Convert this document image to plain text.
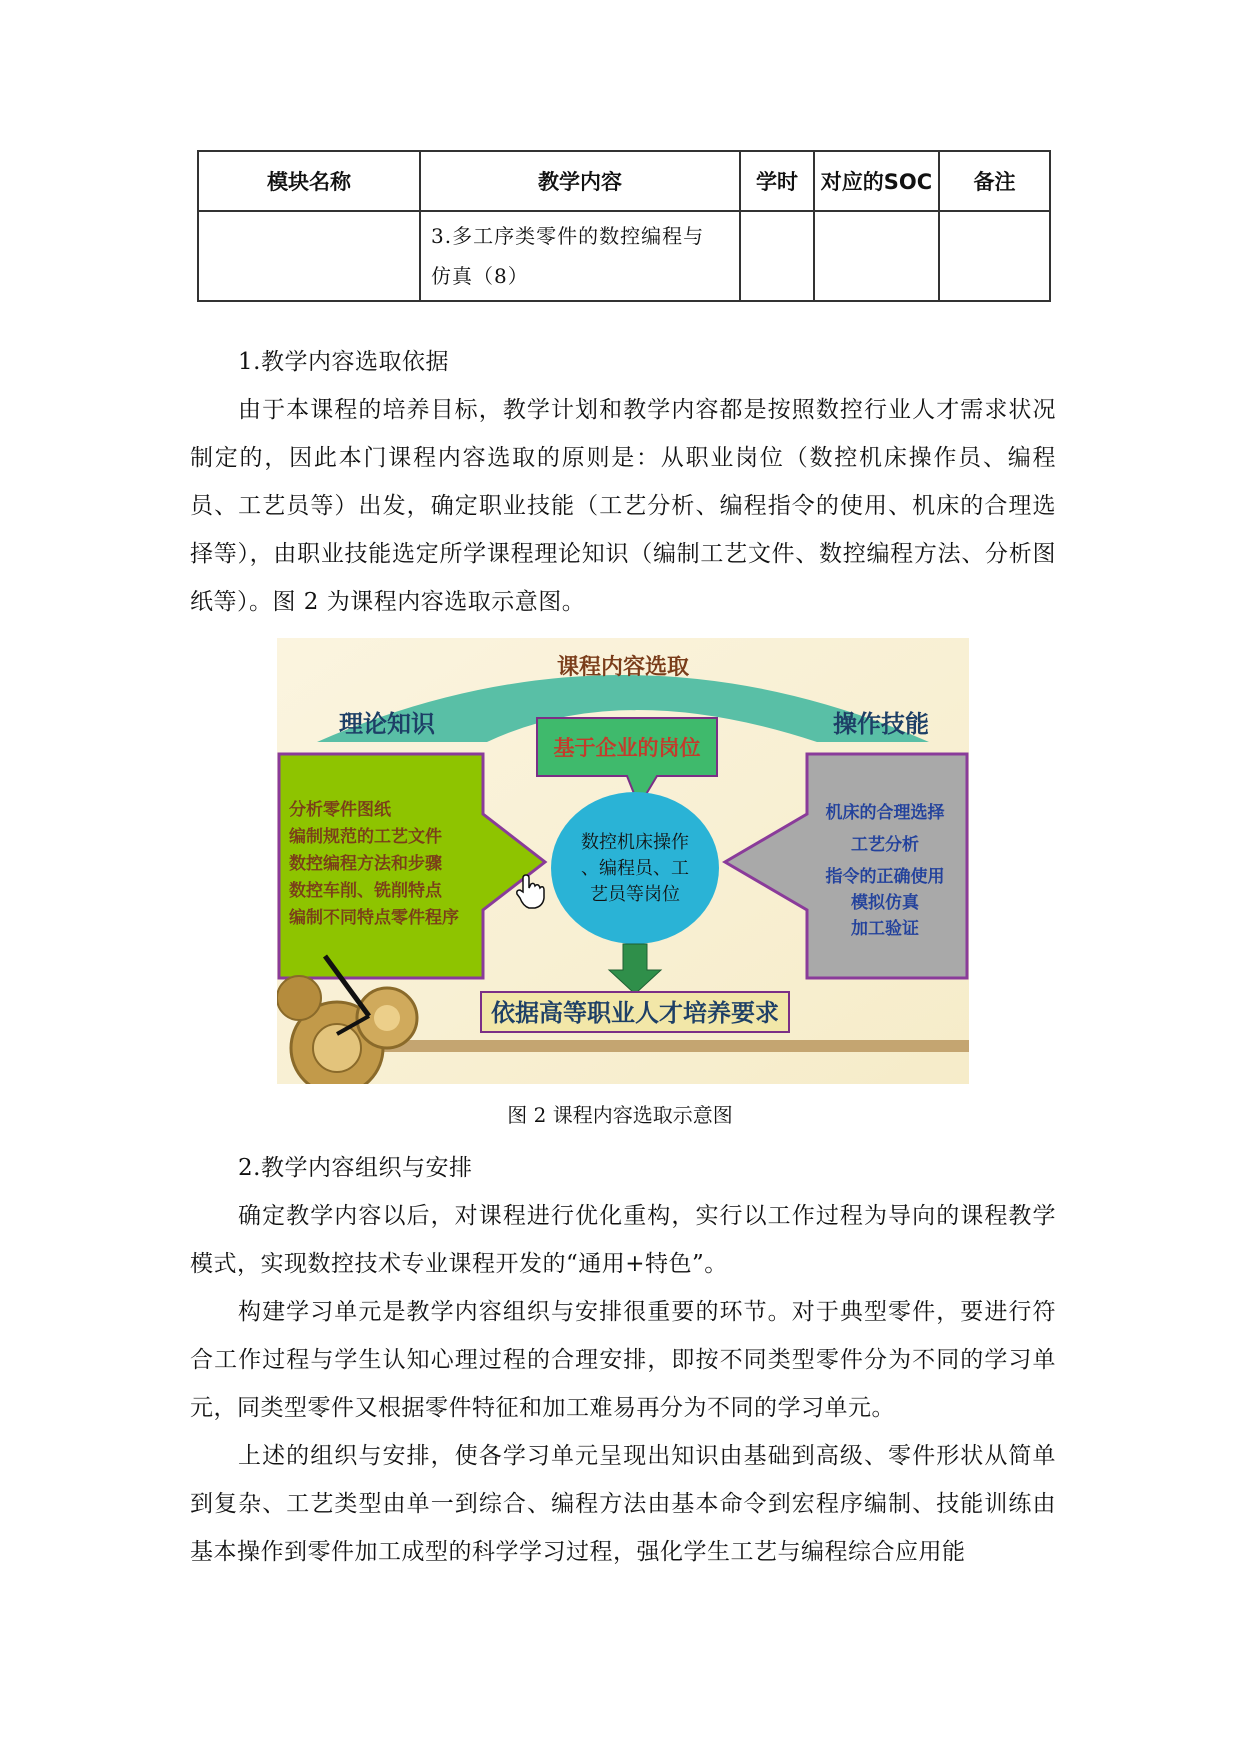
模块名称	教学内容	学时	对应的SOC	备注

	3.多工序类零件的数控编程与
仿真（8）			

1.教学内容选取依据
由于本课程的培养目标，教学计划和教学内容都是按照数控行业人才需求状况制定的，因此本门课程内容选取的原则是：从职业岗位（数控机床操作员、编程员、工艺员等）出发，确定职业技能（工艺分析、编程指令的使用、机床的合理选择等），由职业技能选定所学课程理论知识（编制工艺文件、数控编程方法、分析图纸等）。图 2 为课程内容选取示意图。
课程内容选取
理论知识	操作技能
基于企业的岗位
分析零件图纸
编制规范的工艺文件
数控编程方法和步骤
数控车削、铣削特点
编制不同特点零件程序
机床的合理选择
工艺分析
指令的正确使用
模拟仿真
加工验证
数控机床操作
、编程员、工
艺员等岗位
依据高等职业人才培养要求
图 2 课程内容选取示意图
2.教学内容组织与安排
确定教学内容以后，对课程进行优化重构，实行以工作过程为导向的课程教学模式，实现数控技术专业课程开发的“通用+特色”。
构建学习单元是教学内容组织与安排很重要的环节。对于典型零件，要进行符合工作过程与学生认知心理过程的合理安排，即按不同类型零件分为不同的学习单元，同类型零件又根据零件特征和加工难易再分为不同的学习单元。
上述的组织与安排，使各学习单元呈现出知识由基础到高级、零件形状从简单到复杂、工艺类型由单一到综合、编程方法由基本命令到宏程序编制、技能训练由基本操作到零件加工成型的科学学习过程，强化学生工艺与编程综合应用能
